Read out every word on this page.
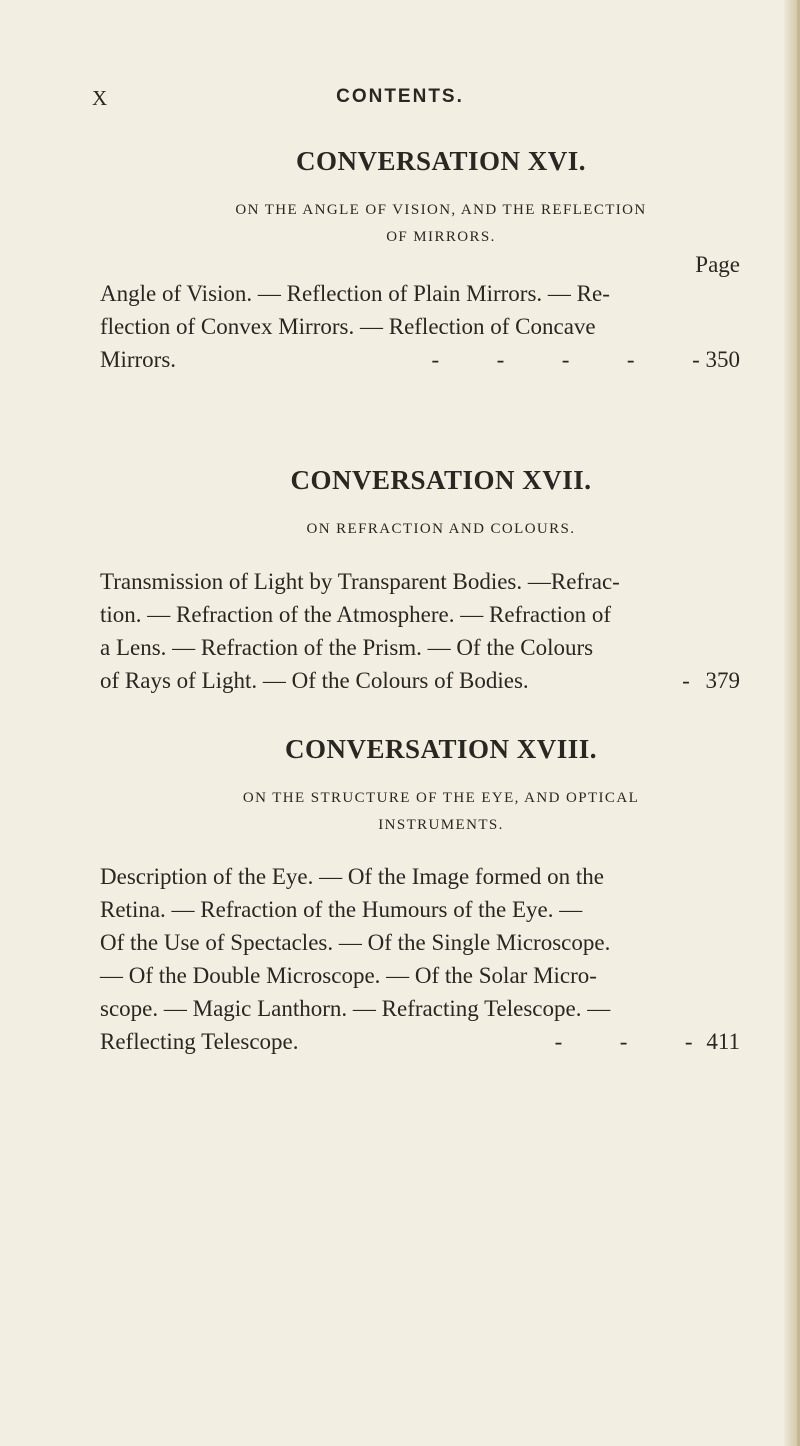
X	CONTENTS.
CONVERSATION XVI.
ON THE ANGLE OF VISION, AND THE REFLECTION
OF MIRRORS.
Page
Angle of Vision. — Reflection of Plain Mirrors. — Re-
flection of Convex Mirrors. — Reflection of Concave
Mirrors.	-          -          -          -          - 350
CONVERSATION XVII.
ON REFRACTION AND COLOURS.
Transmission of Light by Transparent Bodies. —Refrac-
tion. — Refraction of the Atmosphere. — Refraction of
a Lens. — Refraction of the Prism. — Of the Colours
of Rays of Light. — Of the Colours of Bodies.	- 379
CONVERSATION XVIII.
ON THE STRUCTURE OF THE EYE, AND OPTICAL
INSTRUMENTS.
Description of the Eye. — Of the Image formed on the
Retina. — Refraction of the Humours of the Eye. —
Of the Use of Spectacles. — Of the Single Microscope.
— Of the Double Microscope. — Of the Solar Micro-
scope. — Magic Lanthorn. — Refracting Telescope. —
Reflecting Telescope.	-          -          - 411
